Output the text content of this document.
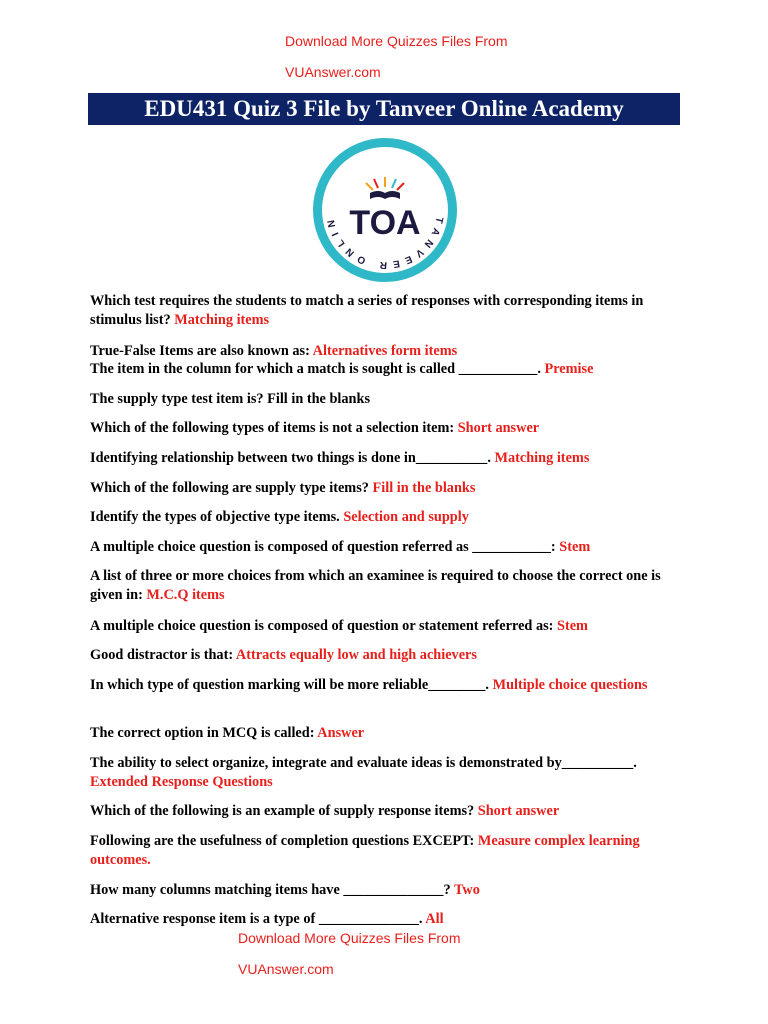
Download More Quizzes Files From
VUAnswer.com
EDU431 Quiz 3 File by Tanveer Online Academy
TANVEER ONLIN TOA

Which test requires the students to match a series of responses with corresponding items in stimulus list? Matching items

True-False Items are also known as: Alternatives form items

The item in the column for which a match is sought is called ___________. Premise

The supply type test item is? Fill in the blanks

Which of the following types of items is not a selection item: Short answer

Identifying relationship between two things is done in__________. Matching items

Which of the following are supply type items? Fill in the blanks

Identify the types of objective type items. Selection and supply

A multiple choice question is composed of question referred as ___________: Stem

A list of three or more choices from which an examinee is required to choose the correct one is given in: M.C.Q items

A multiple choice question is composed of question or statement referred as: Stem

Good distractor is that: Attracts equally low and high achievers

In which type of question marking will be more reliable________. Multiple choice questions

The correct option in MCQ is called: Answer

The ability to select organize, integrate and evaluate ideas is demonstrated by__________. Extended Response Questions

Which of the following is an example of supply response items? Short answer

Following are the usefulness of completion questions EXCEPT: Measure complex learning outcomes.

How many columns matching items have ______________? Two

Alternative response item is a type of ______________. All

Download More Quizzes Files From
VUAnswer.com
